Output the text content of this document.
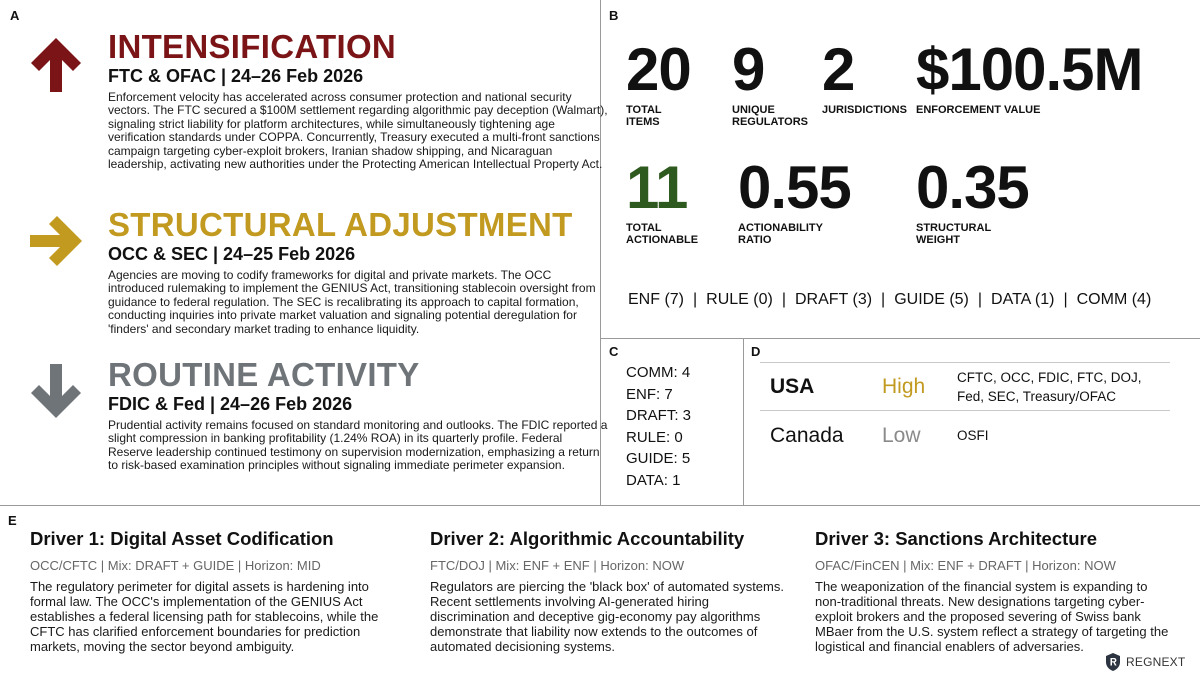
A	B
C	D
E
INTENSIFICATION
FTC & OFAC | 24–26 Feb 2026
Enforcement velocity has accelerated across consumer protection and national security vectors. The FTC secured a $100M settlement regarding algorithmic pay deception (Walmart), signaling strict liability for platform architectures, while simultaneously tightening age verification standards under COPPA. Concurrently, Treasury executed a multi-front sanctions campaign targeting cyber-exploit brokers, Iranian shadow shipping, and Nicaraguan leadership, activating new authorities under the Protecting American Intellectual Property Act.
STRUCTURAL ADJUSTMENT
OCC & SEC | 24–25 Feb 2026
Agencies are moving to codify frameworks for digital and private markets. The OCC introduced rulemaking to implement the GENIUS Act, transitioning stablecoin oversight from guidance to federal regulation. The SEC is recalibrating its approach to capital formation, conducting inquiries into private market valuation and signaling potential deregulation for 'finders' and secondary market trading to enhance liquidity.
ROUTINE ACTIVITY
FDIC & Fed | 24–26 Feb 2026
Prudential activity remains focused on standard monitoring and outlooks. The FDIC reported a slight compression in banking profitability (1.24% ROA) in its quarterly profile. Federal Reserve leadership continued testimony on supervision modernization, emphasizing a return to risk-based examination principles without signaling immediate perimeter expansion.
20
TOTAL ITEMS
9
UNIQUE
REGULATORS
2
JURISDICTIONS
$100.5M
ENFORCEMENT VALUE
11
TOTAL
ACTIONABLE
0.55
ACTIONABILITY RATIO
0.35
STRUCTURAL WEIGHT
ENF (7) | RULE (0) | DRAFT (3) | GUIDE (5) | DATA (1) | COMM (4)
COMM: 4
ENF: 7
DRAFT: 3
RULE: 0
GUIDE: 5
DATA: 1
USA	High CFTC, OCC, FDIC, FTC, DOJ, Fed, SEC, Treasury/OFAC
Canada Low	OSFI
Driver 1: Digital Asset Codification
OCC/CFTC | Mix: DRAFT + GUIDE | Horizon: MID
The regulatory perimeter for digital assets is hardening into formal law. The OCC's implementation of the GENIUS Act establishes a federal licensing path for stablecoins, while the CFTC has clarified enforcement boundaries for prediction markets, moving the sector beyond ambiguity.
Driver 2: Algorithmic Accountability
FTC/DOJ | Mix: ENF + ENF | Horizon: NOW
Regulators are piercing the 'black box' of automated systems. Recent settlements involving AI-generated hiring discrimination and deceptive gig-economy pay algorithms demonstrate that liability now extends to the outcomes of automated decisioning systems.
Driver 3: Sanctions Architecture
OFAC/FinCEN | Mix: ENF + DRAFT | Horizon: NOW
The weaponization of the financial system is expanding to non-traditional threats. New designations targeting cyber-exploit brokers and the proposed severing of Swiss bank MBaer from the U.S. system reflect a strategy of targeting the logistical and financial enablers of adversaries.
REGNEXT
